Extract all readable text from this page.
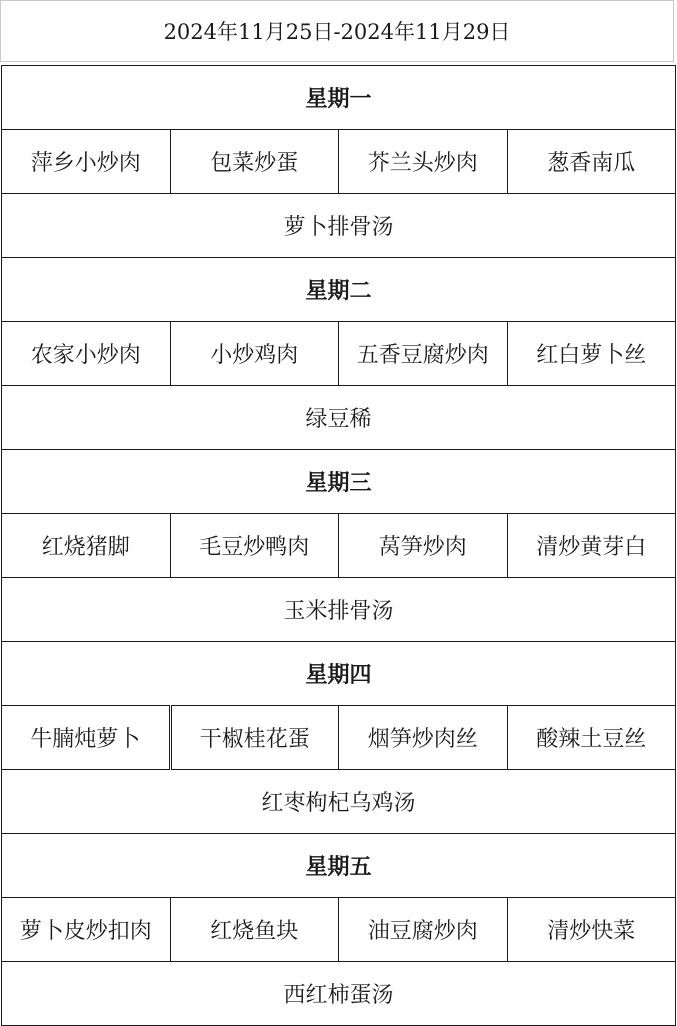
2024年11月25日-2024年11月29日
星期一
萍乡小炒肉	包菜炒蛋	芥兰头炒肉	葱香南瓜
萝卜排骨汤
星期二
农家小炒肉	小炒鸡肉	五香豆腐炒肉	红白萝卜丝
绿豆稀
星期三
红烧猪脚	毛豆炒鸭肉	莴笋炒肉	清炒黄芽白
玉米排骨汤
星期四
牛腩炖萝卜	干椒桂花蛋	烟笋炒肉丝	酸辣土豆丝
红枣枸杞乌鸡汤
星期五
萝卜皮炒扣肉	红烧鱼块	油豆腐炒肉	清炒快菜
西红柿蛋汤
